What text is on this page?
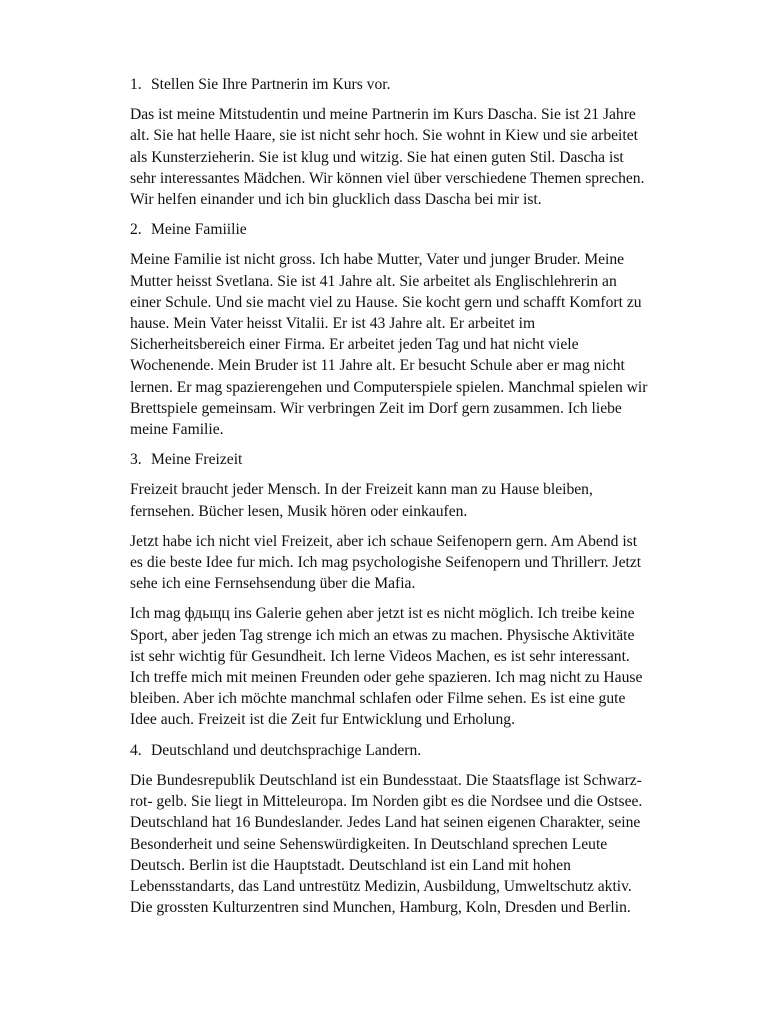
1. Stellen Sie Ihre Partnerin im Kurs vor.
Das ist meine Mitstudentin und meine Partnerin im Kurs Dascha. Sie ist 21 Jahre
alt. Sie hat helle Haare, sie ist nicht sehr hoch. Sie wohnt in Kiew und sie arbeitet
als Kunsterzieherin. Sie ist klug und witzig. Sie hat einen guten Stil. Dascha ist
sehr interessantes Mädchen. Wir können viel über verschiedene Themen sprechen.
Wir helfen einander und ich bin glucklich dass Dascha bei mir ist.
2. Meine Famiilie
Meine Familie ist nicht gross. Ich habe Mutter, Vater und junger Bruder. Meine
Mutter heisst Svetlana. Sie ist 41 Jahre alt. Sie arbeitet als Englischlehrerin an
einer Schule. Und sie macht viel zu Hause. Sie kocht gern und schafft Komfort zu
hause. Mein Vater heisst Vitalii. Er ist 43 Jahre alt. Er arbeitet im
Sicherheitsbereich einer Firma. Er arbeitet jeden Tag und hat nicht viele
Wochenende. Mein Bruder ist 11 Jahre alt. Er besucht Schule aber er mag nicht
lernen. Er mag spazierengehen und Computerspiele spielen. Manchmal spielen wir
Brettspiele gemeinsam. Wir verbringen Zeit im Dorf gern zusammen. Ich liebe
meine Familie.
3. Meine Freizeit
Freizeit braucht jeder Mensch. In der Freizeit kann man zu Hause bleiben,
fernsehen. Bücher lesen, Musik hören oder einkaufen.
Jetzt habe ich nicht viel Freizeit, aber ich schaue Seifenopern gern. Am Abend ist
es die beste Idee fur mich. Ich mag psychologishe Seifenopern und Thrillerт. Jetzt
sehe ich eine Fernsehsendung über die Mafia.
Ich mag фдьщц ins Galerie gehen aber jetzt ist es nicht möglich. Ich treibe keine
Sport, aber jeden Tag strenge ich mich an etwas zu machen. Physische Aktivitäte
ist sehr wichtig für Gesundheit. Ich lerne Videos Machen, es ist sehr interessant.
Ich treffe mich mit meinen Freunden oder gehe spazieren. Ich mag nicht zu Hause
bleiben. Aber ich möchte manchmal schlafen oder Filme sehen. Es ist eine gute
Idee auch. Freizeit ist die Zeit fur Entwicklung und Erholung.
4. Deutschland und deutchsprachige Landern.
Die Bundesrepublik Deutschland ist ein Bundesstaat. Die Staatsflage ist Schwarz-
rot- gelb. Sie liegt in Mitteleuropa. Im Norden gibt es die Nordsee und die Ostsee.
Deutschland hat 16 Bundeslander. Jedes Land hat seinen eigenen Charakter, seine
Besonderheit und seine Sehenswürdigkeiten. In Deutschland sprechen Leute
Deutsch. Berlin ist die Hauptstadt. Deutschland ist ein Land mit hohen
Lebensstandarts, das Land untrestütz Medizin, Ausbildung, Umweltschutz aktiv.
Die grossten Kulturzentren sind Munchen, Hamburg, Koln, Dresden und Berlin.
